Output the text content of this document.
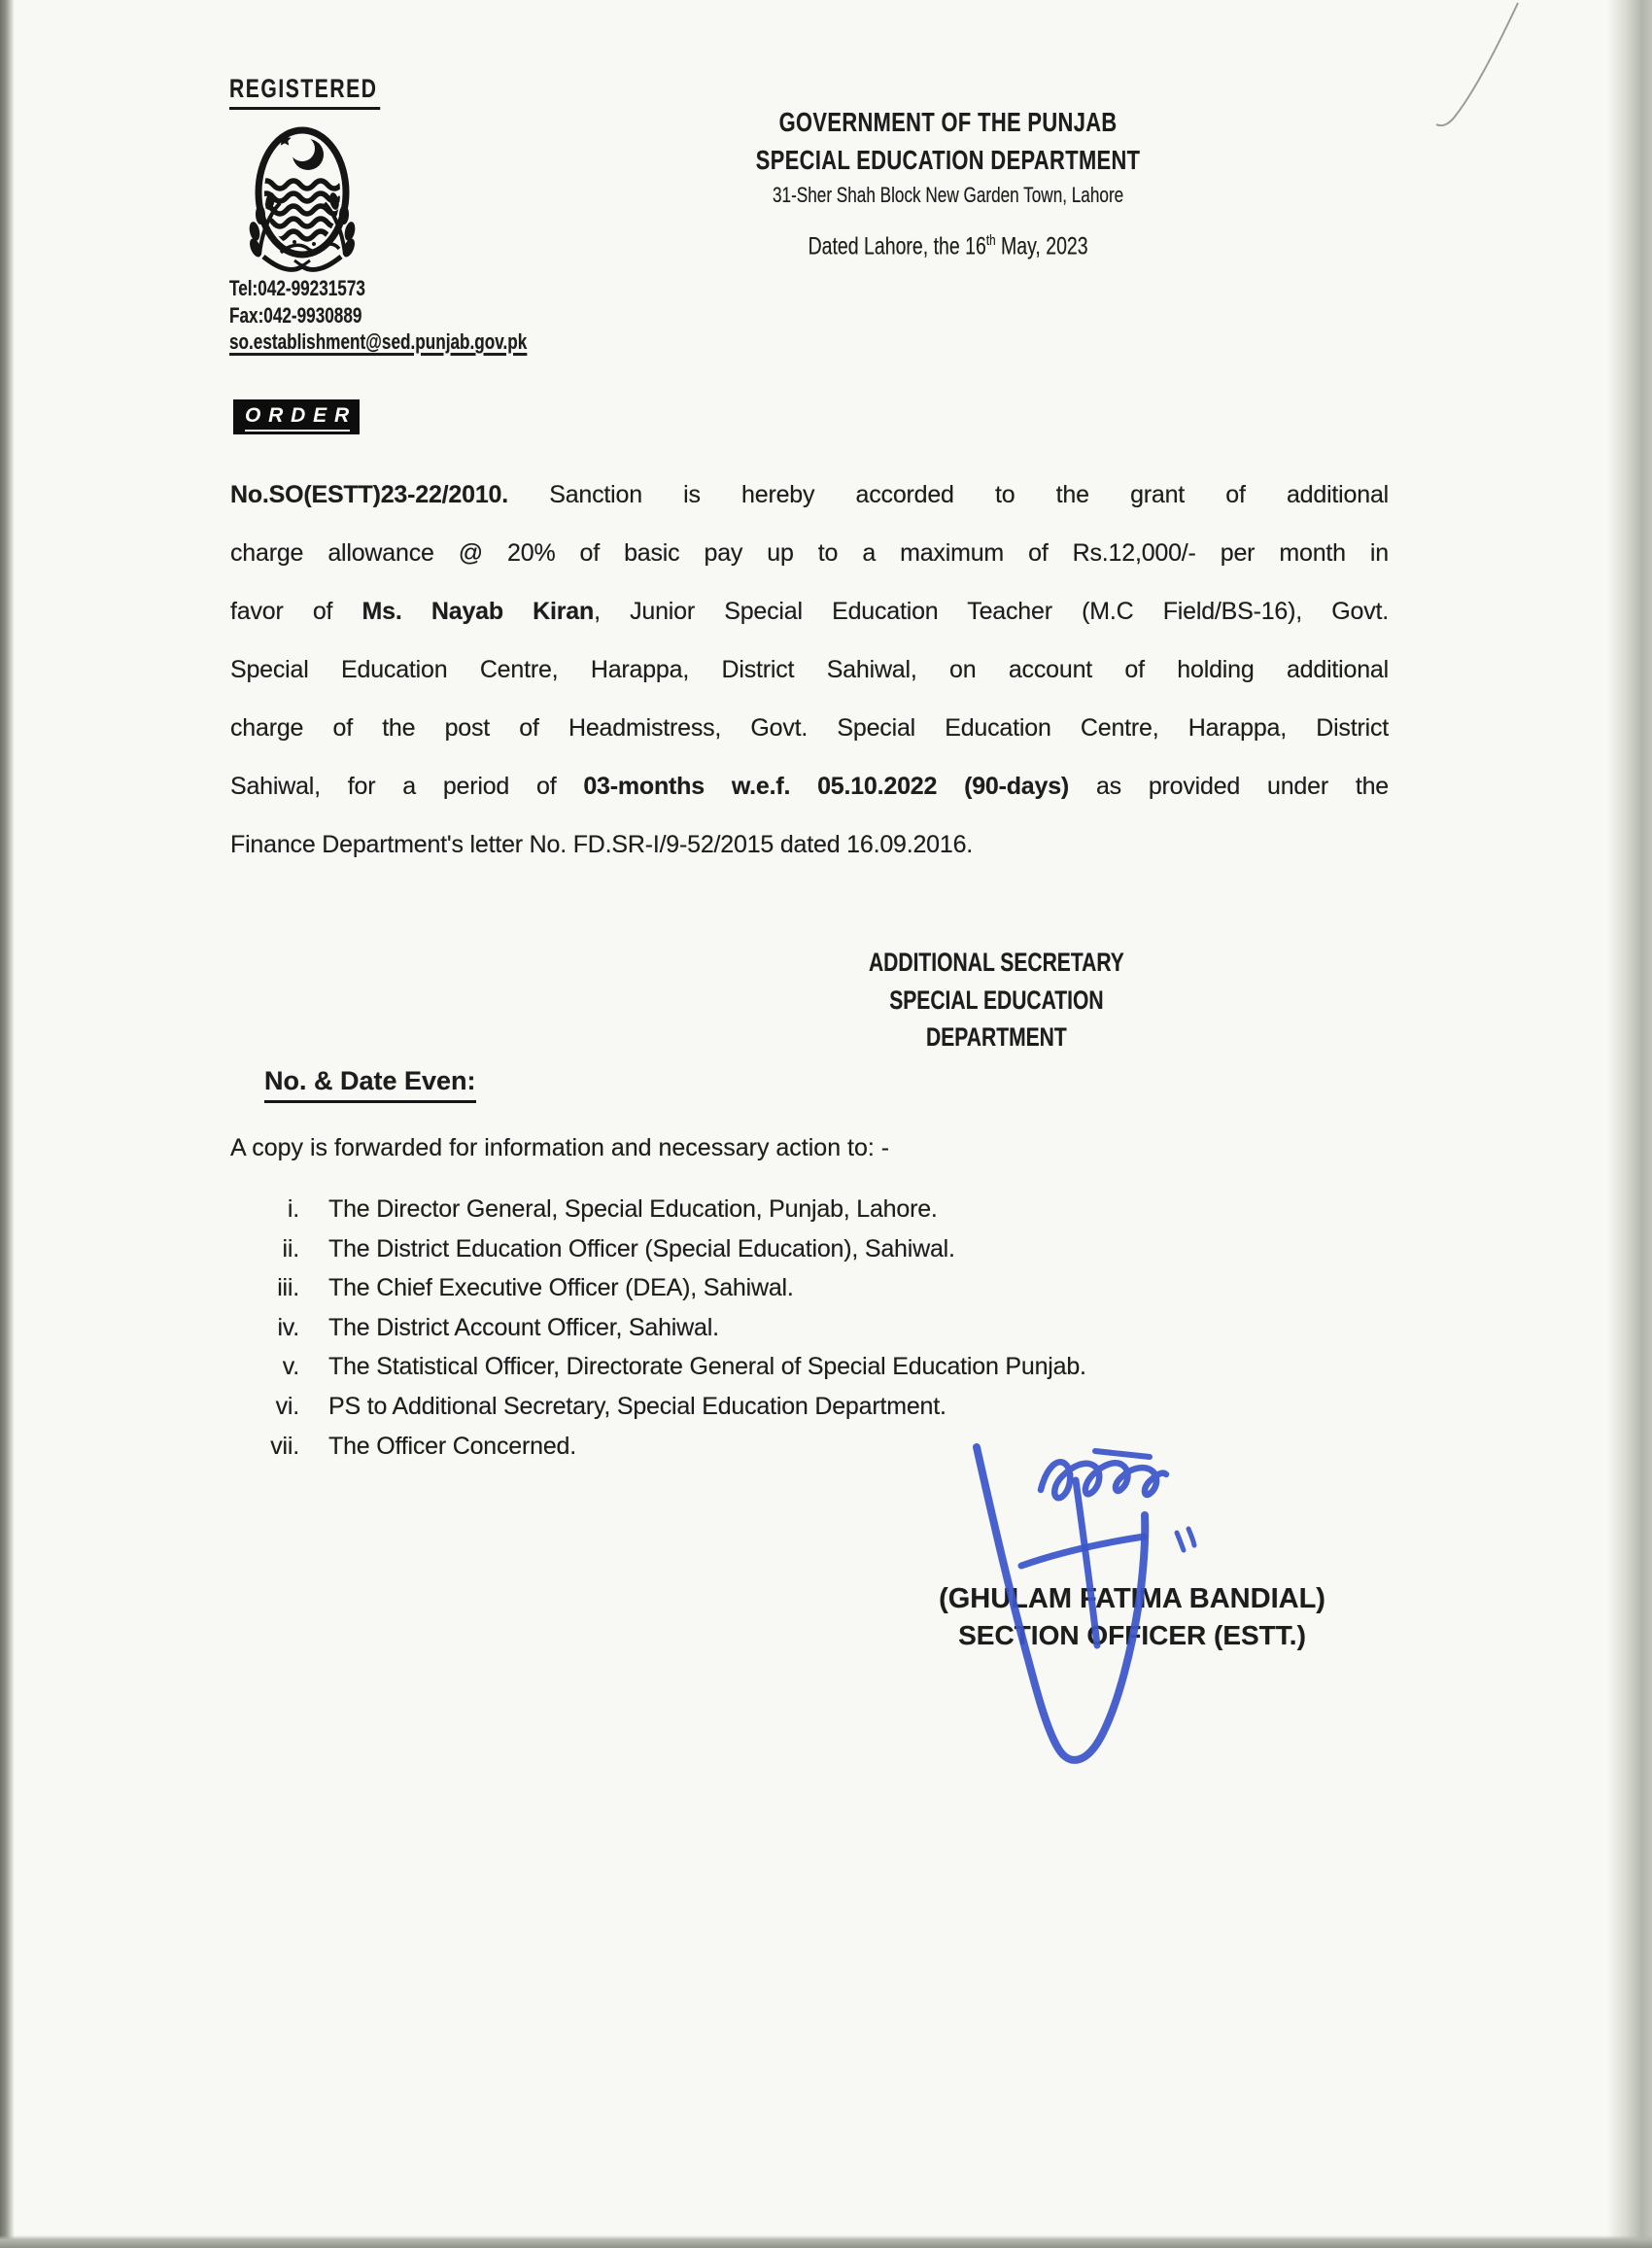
REGISTERED
Tel:042-99231573
Fax:042-9930889
so.establishment@sed.punjab.gov.pk
GOVERNMENT OF THE PUNJAB
SPECIAL EDUCATION DEPARTMENT
31-Sher Shah Block New Garden Town, Lahore
Dated Lahore, the 16th May, 2023
O R D E R
No.SO(ESTT)23-22/2010. Sanction is hereby accorded to the grant of additional
charge allowance @ 20% of basic pay up to a maximum of Rs.12,000/- per month in
favor of Ms. Nayab Kiran, Junior Special Education Teacher (M.C Field/BS-16), Govt.
Special Education Centre, Harappa, District Sahiwal, on account of holding additional
charge of the post of Headmistress, Govt. Special Education Centre, Harappa, District
Sahiwal, for a period of 03-months w.e.f. 05.10.2022 (90-days) as provided under the
Finance Department's letter No. FD.SR-I/9-52/2015 dated 16.09.2016.
ADDITIONAL SECRETARY
SPECIAL EDUCATION
DEPARTMENT
No. & Date Even:
A copy is forwarded for information and necessary action to: -
i. The Director General, Special Education, Punjab, Lahore.
ii. The District Education Officer (Special Education), Sahiwal.
iii. The Chief Executive Officer (DEA), Sahiwal.
iv. The District Account Officer, Sahiwal.
v. The Statistical Officer, Directorate General of Special Education Punjab.
vi. PS to Additional Secretary, Special Education Department.
vii. The Officer Concerned.
(GHULAM FATIMA BANDIAL)
SECTION OFFICER (ESTT.)
